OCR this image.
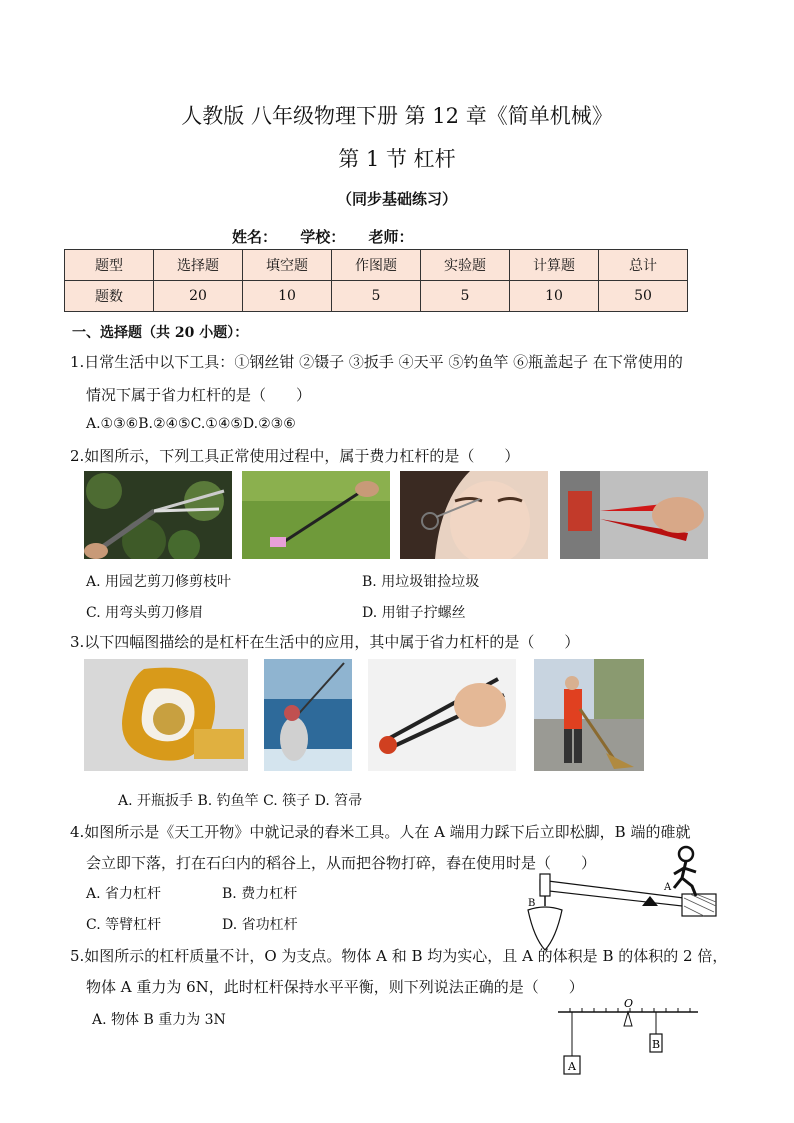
人教版 八年级物理下册 第 12 章《简单机械》
第 1 节 杠杆
（同步基础练习）
姓名： 学校： 老师：
题型	选择题	填空题	作图题	实验题	计算题	总计
题数	20	10	5	5	10	50
一、选择题（共 20 小题）：
1.日常生活中以下工具：①钢丝钳 ②镊子 ③扳手 ④天平 ⑤钓鱼竿 ⑥瓶盖起子 在下常使用的
情况下属于省力杠杆的是（　　）
A.①③⑥B.②④⑤C.①④⑤D.②③⑥
2.如图所示，下列工具正常使用过程中，属于费力杠杆的是（　　）
A. 用园艺剪刀修剪枝叶	B. 用垃圾钳捡垃圾
C. 用弯头剪刀修眉	D. 用钳子拧螺丝
3.以下四幅图描绘的是杠杆在生活中的应用，其中属于省力杠杆的是（　　）
A. 开瓶扳手 B. 钓鱼竿 C. 筷子 D. 笤帚
4.如图所示是《天工开物》中就记录的舂米工具。人在 A 端用力踩下后立即松脚，B 端的碓就
会立即下落，打在石臼内的稻谷上，从而把谷物打碎，舂在使用时是（　　）
A. 省力杠杆	B. 费力杠杆
C. 等臂杠杆	D. 省功杠杆
A
B
5.如图所示的杠杆质量不计，O 为支点。物体 A 和 B 均为实心，且 A 的体积是 B 的体积的 2 倍，
物体 A 重力为 6N，此时杠杆保持水平平衡，则下列说法正确的是（　　）
A. 物体 B 重力为 3N
O
A
B
